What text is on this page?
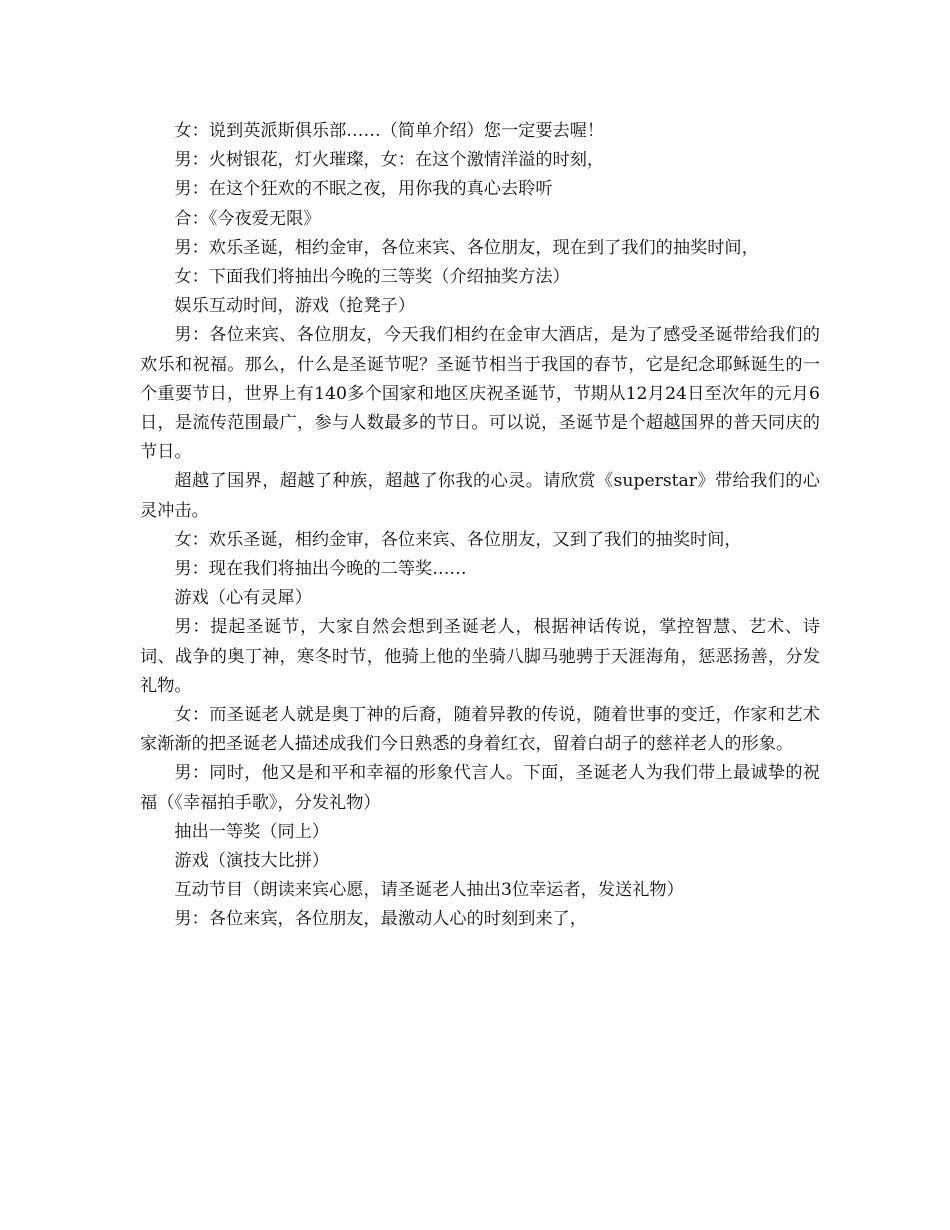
女：说到英派斯俱乐部……（简单介绍）您一定要去喔！

男：火树银花，灯火璀璨，女：在这个激情洋溢的时刻，

男：在这个狂欢的不眠之夜，用你我的真心去聆听

合：《今夜爱无限》

男：欢乐圣诞，相约金审，各位来宾、各位朋友，现在到了我们的抽奖时间，

女：下面我们将抽出今晚的三等奖（介绍抽奖方法）

娱乐互动时间，游戏（抢凳子）

男：各位来宾、各位朋友，今天我们相约在金审大酒店，是为了感受圣诞带给我们的欢乐和祝福。那么，什么是圣诞节呢？圣诞节相当于我国的春节，它是纪念耶稣诞生的一个重要节日，世界上有140多个国家和地区庆祝圣诞节，节期从12月24日至次年的元月6日，是流传范围最广，参与人数最多的节日。可以说，圣诞节是个超越国界的普天同庆的节日。

超越了国界，超越了种族，超越了你我的心灵。请欣赏《superstar》带给我们的心灵冲击。

女：欢乐圣诞，相约金审，各位来宾、各位朋友，又到了我们的抽奖时间，

男：现在我们将抽出今晚的二等奖……

游戏（心有灵犀）

男：提起圣诞节，大家自然会想到圣诞老人，根据神话传说，掌控智慧、艺术、诗词、战争的奥丁神，寒冬时节，他骑上他的坐骑八脚马驰骋于天涯海角，惩恶扬善，分发礼物。

女：而圣诞老人就是奥丁神的后裔，随着异教的传说，随着世事的变迁，作家和艺术家渐渐的把圣诞老人描述成我们今日熟悉的身着红衣，留着白胡子的慈祥老人的形象。

男：同时，他又是和平和幸福的形象代言人。下面，圣诞老人为我们带上最诚挚的祝福（《幸福拍手歌》，分发礼物）

抽出一等奖（同上）

游戏（演技大比拼）

互动节目（朗读来宾心愿，请圣诞老人抽出3位幸运者，发送礼物）

男：各位来宾，各位朋友，最激动人心的时刻到来了，
